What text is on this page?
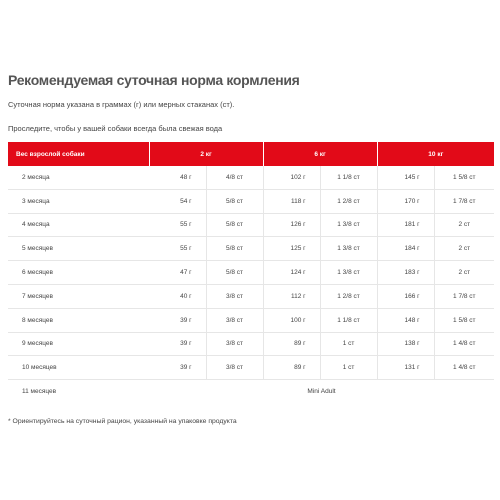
Рекомендуемая суточная норма кормления
Суточная норма указана в граммах (г) или мерных стаканах (ст).
Проследите, чтобы у вашей собаки всегда была свежая вода
Вес взрослой собаки	2 кг		6 кг		10 кг	
2 месяца	48 г	4/8 ст	102 г	1 1/8 ст	145 г	1 5/8 ст
3 месяца	54 г	5/8 ст	118 г	1 2/8 ст	170 г	1 7/8 ст
4 месяца	55 г	5/8 ст	126 г	1 3/8 ст	181 г	2 ст
5 месяцев	55 г	5/8 ст	125 г	1 3/8 ст	184 г	2 ст
6 месяцев	47 г	5/8 ст	124 г	1 3/8 ст	183 г	2 ст
7 месяцев	40 г	3/8 ст	112 г	1 2/8 ст	166 г	1 7/8 ст
8 месяцев	39 г	3/8 ст	100 г	1 1/8 ст	148 г	1 5/8 ст
9 месяцев	39 г	3/8 ст	89 г	1 ст	138 г	1 4/8 ст
10 месяцев	39 г	3/8 ст	89 г	1 ст	131 г	1 4/8 ст
11 месяцев	Mini Adult					
* Ориентируйтесь на суточный рацион, указанный на упаковке продукта
